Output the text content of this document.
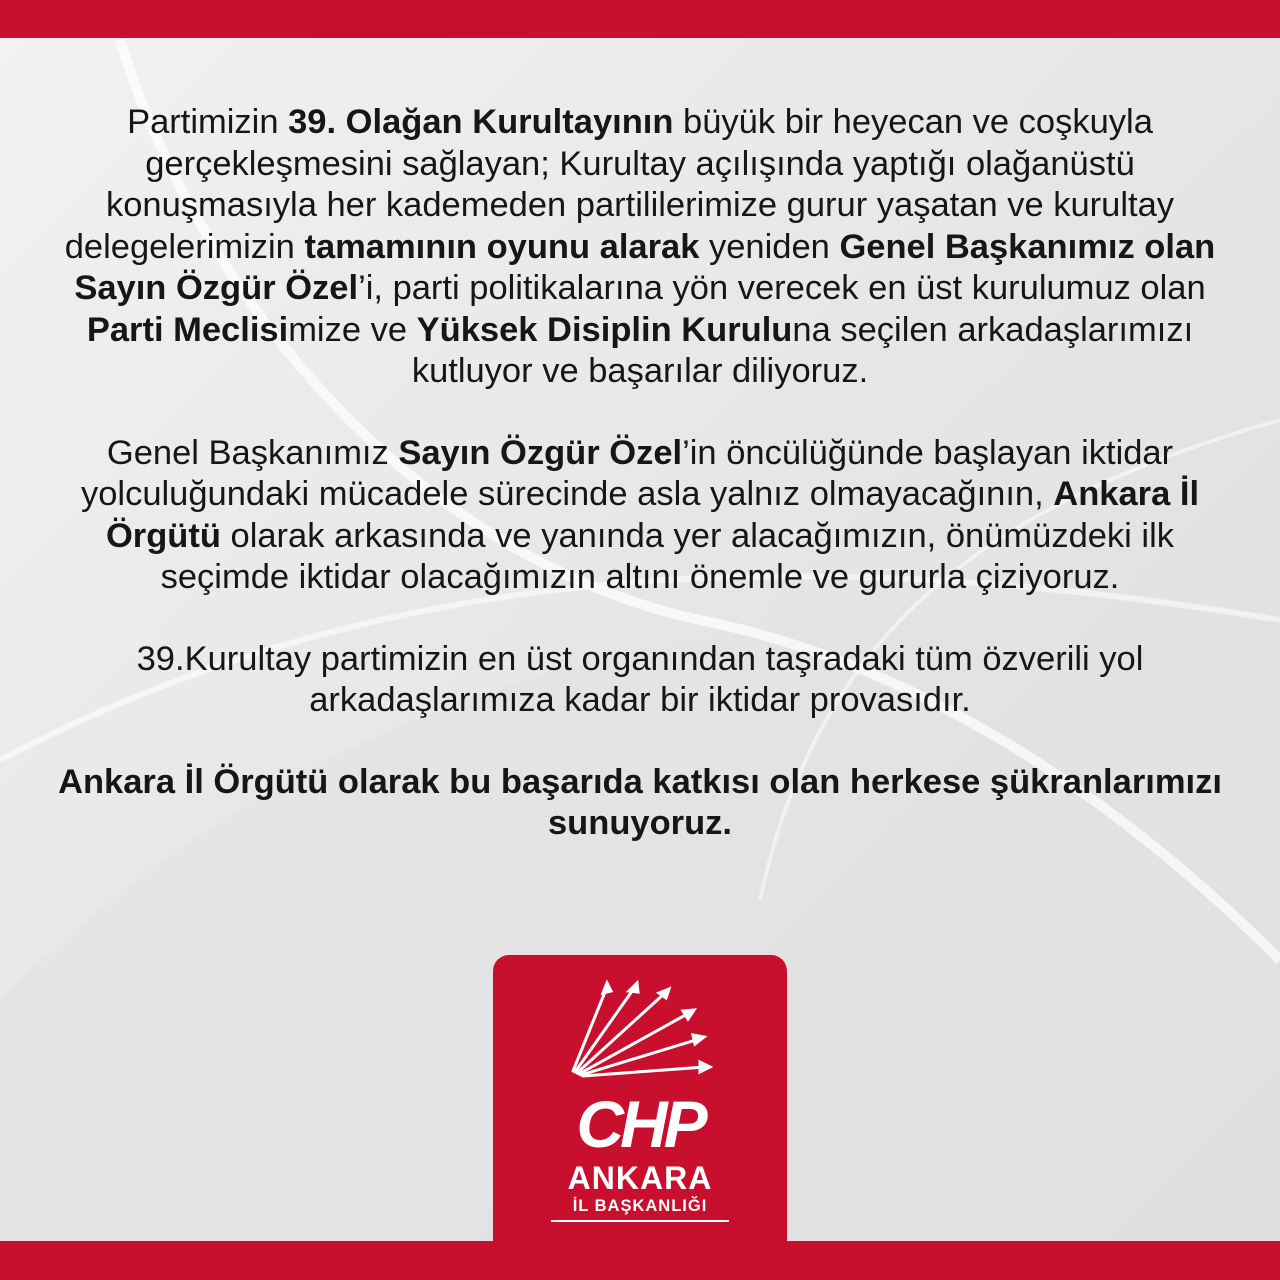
Partimizin 39. Olağan Kurultayının büyük bir heyecan ve coşkuyla gerçekleşmesini sağlayan; Kurultay açılışında yaptığı olağanüstü konuşmasıyla her kademeden partililerimize gurur yaşatan ve kurultay delegelerimizin tamamının oyunu alarak yeniden Genel Başkanımız olan Sayın Özgür Özel’i, parti politikalarına yön verecek en üst kurulumuz olan Parti Meclisimize ve Yüksek Disiplin Kuruluna seçilen arkadaşlarımızı kutluyor ve başarılar diliyoruz.

Genel Başkanımız Sayın Özgür Özel’in öncülüğünde başlayan iktidar yolculuğundaki mücadele sürecinde asla yalnız olmayacağının, Ankara İl Örgütü olarak arkasında ve yanında yer alacağımızın, önümüzdeki ilk seçimde iktidar olacağımızın altını önemle ve gururla çiziyoruz.

39.Kurultay partimizin en üst organından taşradaki tüm özverili yol arkadaşlarımıza kadar bir iktidar provasıdır.

Ankara İl Örgütü olarak bu başarıda katkısı olan herkese şükranlarımızı sunuyoruz.

CHP
ANKARA
İL BAŞKANLIĞI
